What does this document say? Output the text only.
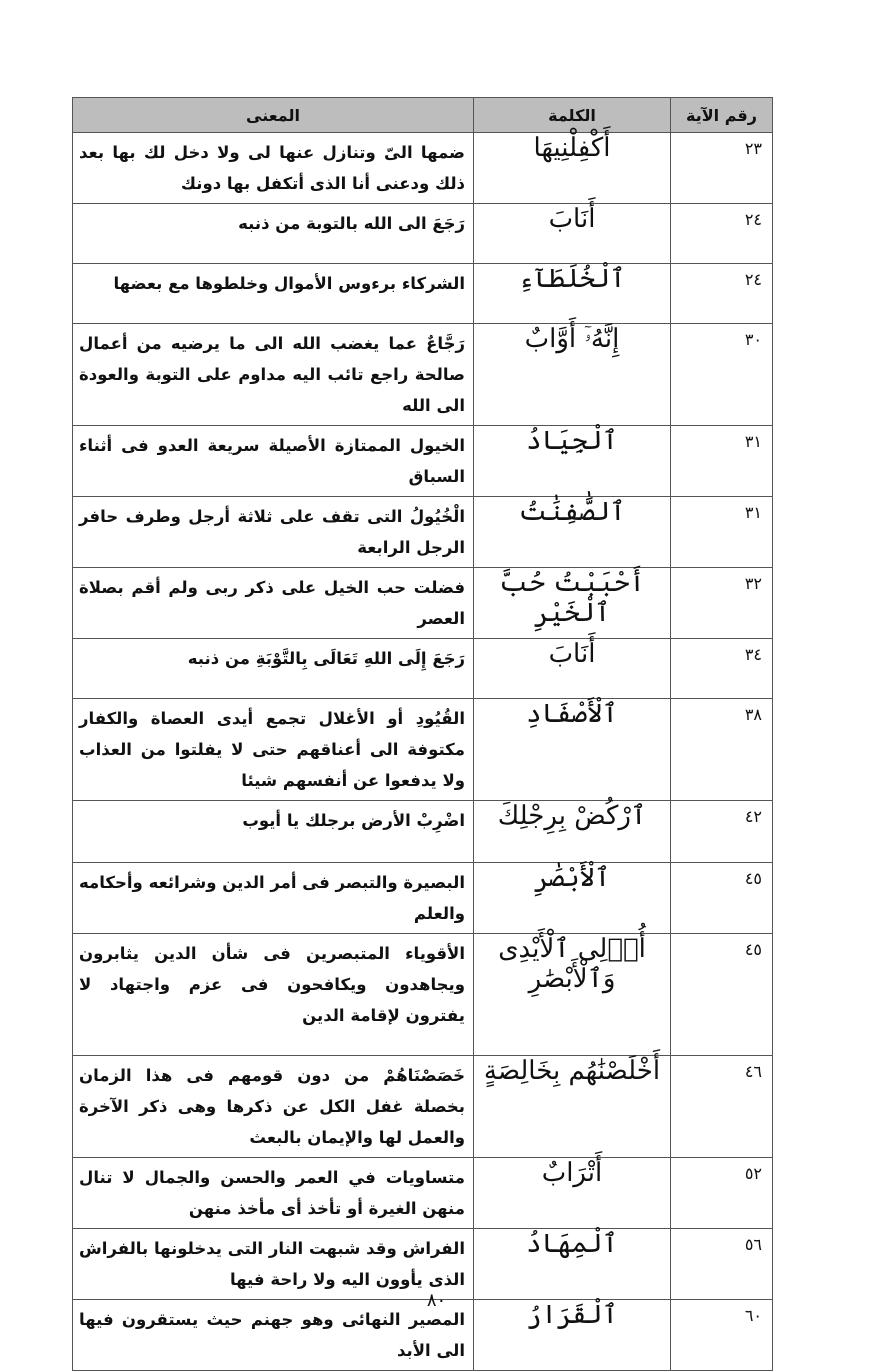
رقم الآية	الكلمة	المعنى
٢٣	أَكْفِلْنِيهَا	ضمها الىّ وتنازل عنها لى ولا دخل لك بها بعد ذلك ودعنى أنا الذى أتكفل بها دونك
٢٤	أَنَابَ	رَجَعَ الى الله بالتوبة من ذنبه
٢٤	ٱلْخُلَطَآءِ	الشركاء برءوس الأموال وخلطوها مع بعضها
٣٠	إِنَّهُۥٓ أَوَّابٌ	رَجَّاعٌ عما يغضب الله الى ما يرضيه من أعمال صالحة راجع تائب اليه مداوم على التوبة والعودة الى الله
٣١	ٱلْجِيَادُ	الخيول الممتازة الأصيلة سريعة العدو فى أثناء السباق
٣١	ٱلصَّٰفِنَٰتُ	الْخُيُولُ التى تقف على ثلاثة أرجل وطرف حافر الرجل الرابعة
٣٢	أَحْبَبْتُ حُبَّ ٱلْخَيْرِ	فضلت حب الخيل على ذكر ربى ولم أقم بصلاة العصر
٣٤	أَنَابَ	رَجَعَ إِلَى اللهِ تَعَالَى بِالتَّوْبَةِ من ذنبه
٣٨	ٱلْأَصْفَادِ	القُيُودِ أو الأغلال تجمع أيدى العصاة والكفار مكتوفة الى أعناقهم حتى لا يفلتوا من العذاب ولا يدفعوا عن أنفسهم شيئا
٤٢	ٱرْكُضْ بِرِجْلِكَ	اضْرِبْ الأرض برجلك يا أيوب
٤٥	ٱلْأَبْصَٰرِ	البصيرة والتبصر فى أمر الدين وشرائعه وأحكامه والعلم
٤٥	أُو۟لِى ٱلْأَيْدِى وَٱلْأَبْصَٰرِ	الأقوياء المتبصرين فى شأن الدين يثابرون ويجاهدون ويكافحون فى عزم واجتهاد لا يفترون لإقامة الدين
٤٦	أَخْلَصْنَٰهُم بِخَالِصَةٍ	خَصَصْنَاهُمْ من دون قومهم فى هذا الزمان بخصلة غفل الكل عن ذكرها وهى ذكر الآخرة والعمل لها والإيمان بالبعث
٥٢	أَتْرَابٌ	متساويات في العمر والحسن والجمال لا تنال منهن الغيرة أو تأخذ أى مأخذ منهن
٥٦	ٱلْمِهَادُ	الفراش وقد شبهت النار التى يدخلونها بالفراش الذى يأوون اليه ولا راحة فيها
٦٠	ٱلْقَرَارُ	المصير النهائى وهو جهنم حيث يستقرون فيها الى الأبد
٨٠
